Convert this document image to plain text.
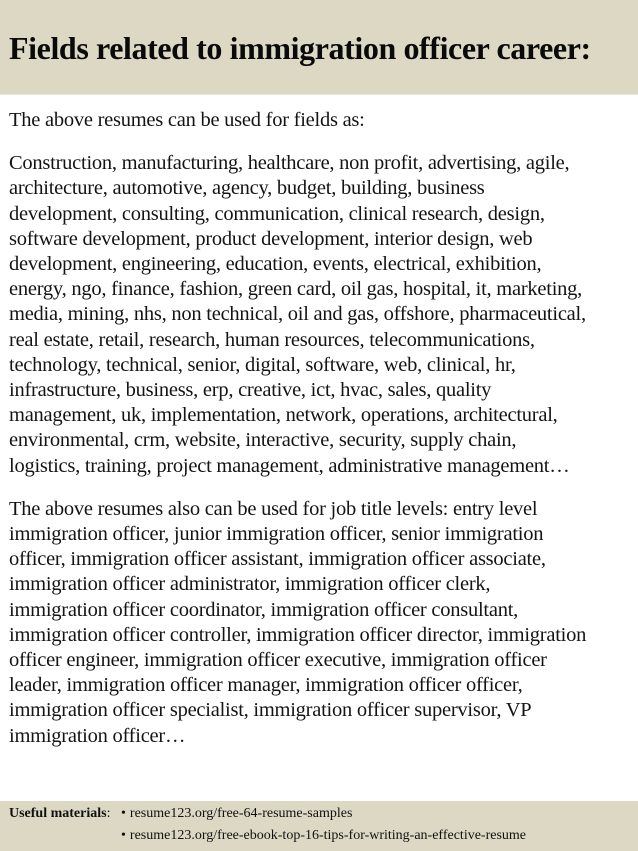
Fields related to immigration officer career:

The above resumes can be used for fields as:

Construction, manufacturing, healthcare, non profit, advertising, agile,
architecture, automotive, agency, budget, building, business
development, consulting, communication, clinical research, design,
software development, product development, interior design, web
development, engineering, education, events, electrical, exhibition,
energy, ngo, finance, fashion, green card, oil gas, hospital, it, marketing,
media, mining, nhs, non technical, oil and gas, offshore, pharmaceutical,
real estate, retail, research, human resources, telecommunications,
technology, technical, senior, digital, software, web, clinical, hr,
infrastructure, business, erp, creative, ict, hvac, sales, quality
management, uk, implementation, network, operations, architectural,
environmental, crm, website, interactive, security, supply chain,
logistics, training, project management, administrative management…

The above resumes also can be used for job title levels: entry level
immigration officer, junior immigration officer, senior immigration
officer, immigration officer assistant, immigration officer associate,
immigration officer administrator, immigration officer clerk,
immigration officer coordinator, immigration officer consultant,
immigration officer controller, immigration officer director, immigration
officer engineer, immigration officer executive, immigration officer
leader, immigration officer manager, immigration officer officer,
immigration officer specialist, immigration officer supervisor, VP
immigration officer…

Useful materials: • resume123.org/free-64-resume-samples
• resume123.org/free-ebook-top-16-tips-for-writing-an-effective-resume
